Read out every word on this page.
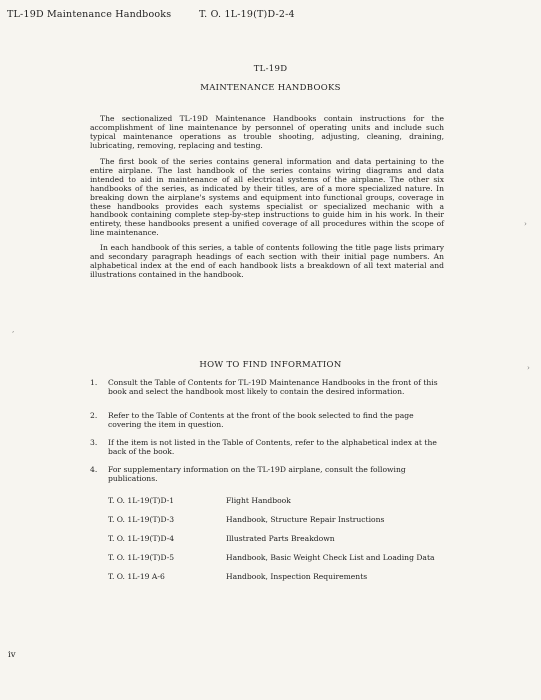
TL-19D Maintenance Handbooks	T. O. 1L-19(T)D-2-4
TL-19D
MAINTENANCE HANDBOOKS
The sectionalized TL-19D Maintenance Handbooks contain instructions for the accomplishment of line maintenance by personnel of operating units and include such typical maintenance operations as trouble shooting, adjusting, cleaning, draining, lubricating, removing, replacing and testing.
The first book of the series contains general information and data pertaining to the entire airplane. The last handbook of the series contains wiring diagrams and data intended to aid in maintenance of all electrical systems of the airplane. The other six handbooks of the series, as indicated by their titles, are of a more specialized nature. In breaking down the airplane's systems and equipment into functional groups, coverage in these handbooks provides each systems specialist or specialized mechanic with a handbook containing complete step-by-step instructions to guide him in his work. In their entirety, these handbooks present a unified coverage of all procedures within the scope of line maintenance.
In each handbook of this series, a table of contents following the title page lists primary and secondary paragraph headings of each section with their initial page numbers. An alphabetical index at the end of each handbook lists a breakdown of all text material and illustrations contained in the handbook.
HOW TO FIND INFORMATION
1.	Consult the Table of Contents for TL-19D Maintenance Handbooks in the front of this book and select the handbook most likely to contain the desired information.
2.	Refer to the Table of Contents at the front of the book selected to find the page covering the item in question.
3.	If the item is not listed in the Table of Contents, refer to the alphabetical index at the back of the book.
4.	For supplementary information on the TL-19D airplane, consult the following publications.
T. O. 1L-19(T)D-1	Flight Handbook
T. O. 1L-19(T)D-3	Handbook, Structure Repair Instructions
T. O. 1L-19(T)D-4	Illustrated Parts Breakdown
T. O. 1L-19(T)D-5	Handbook, Basic Weight Check List and Loading Data
T. O. 1L-19 A-6	Handbook, Inspection Requirements
iv
›
›
‚
